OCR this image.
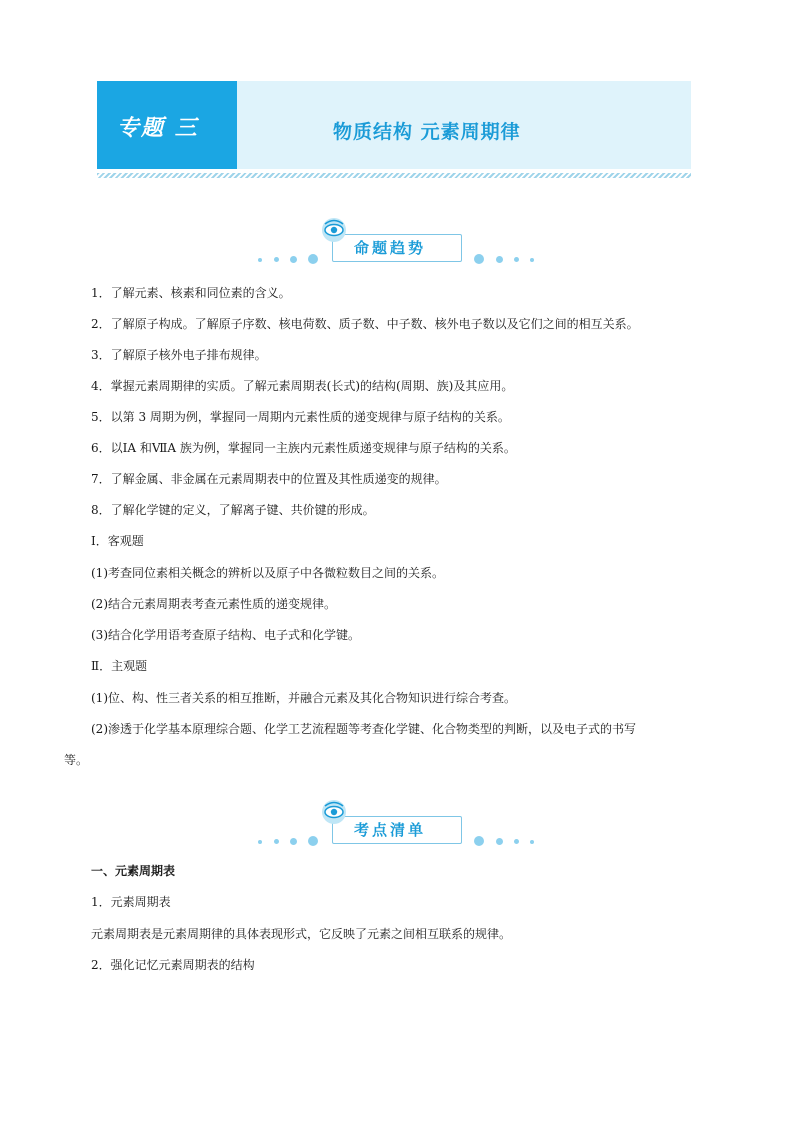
专题 三	物质结构 元素周期律
命题趋势
1．了解元素、核素和同位素的含义。
2．了解原子构成。了解原子序数、核电荷数、质子数、中子数、核外电子数以及它们之间的相互关系。
3．了解原子核外电子排布规律。
4．掌握元素周期律的实质。了解元素周期表(长式)的结构(周期、族)及其应用。
5．以第 3 周期为例，掌握同一周期内元素性质的递变规律与原子结构的关系。
6．以ⅠA 和ⅦA 族为例，掌握同一主族内元素性质递变规律与原子结构的关系。
7．了解金属、非金属在元素周期表中的位置及其性质递变的规律。
8．了解化学键的定义，了解离子键、共价键的形成。
Ⅰ．客观题
(1)考查同位素相关概念的辨析以及原子中各微粒数目之间的关系。
(2)结合元素周期表考查元素性质的递变规律。
(3)结合化学用语考查原子结构、电子式和化学键。
Ⅱ．主观题
(1)位、构、性三者关系的相互推断，并融合元素及其化合物知识进行综合考查。
(2)渗透于化学基本原理综合题、化学工艺流程题等考查化学键、化合物类型的判断，以及电子式的书写
等。
考点清单
一、元素周期表
1．元素周期表
元素周期表是元素周期律的具体表现形式，它反映了元素之间相互联系的规律。
2．强化记忆元素周期表的结构
